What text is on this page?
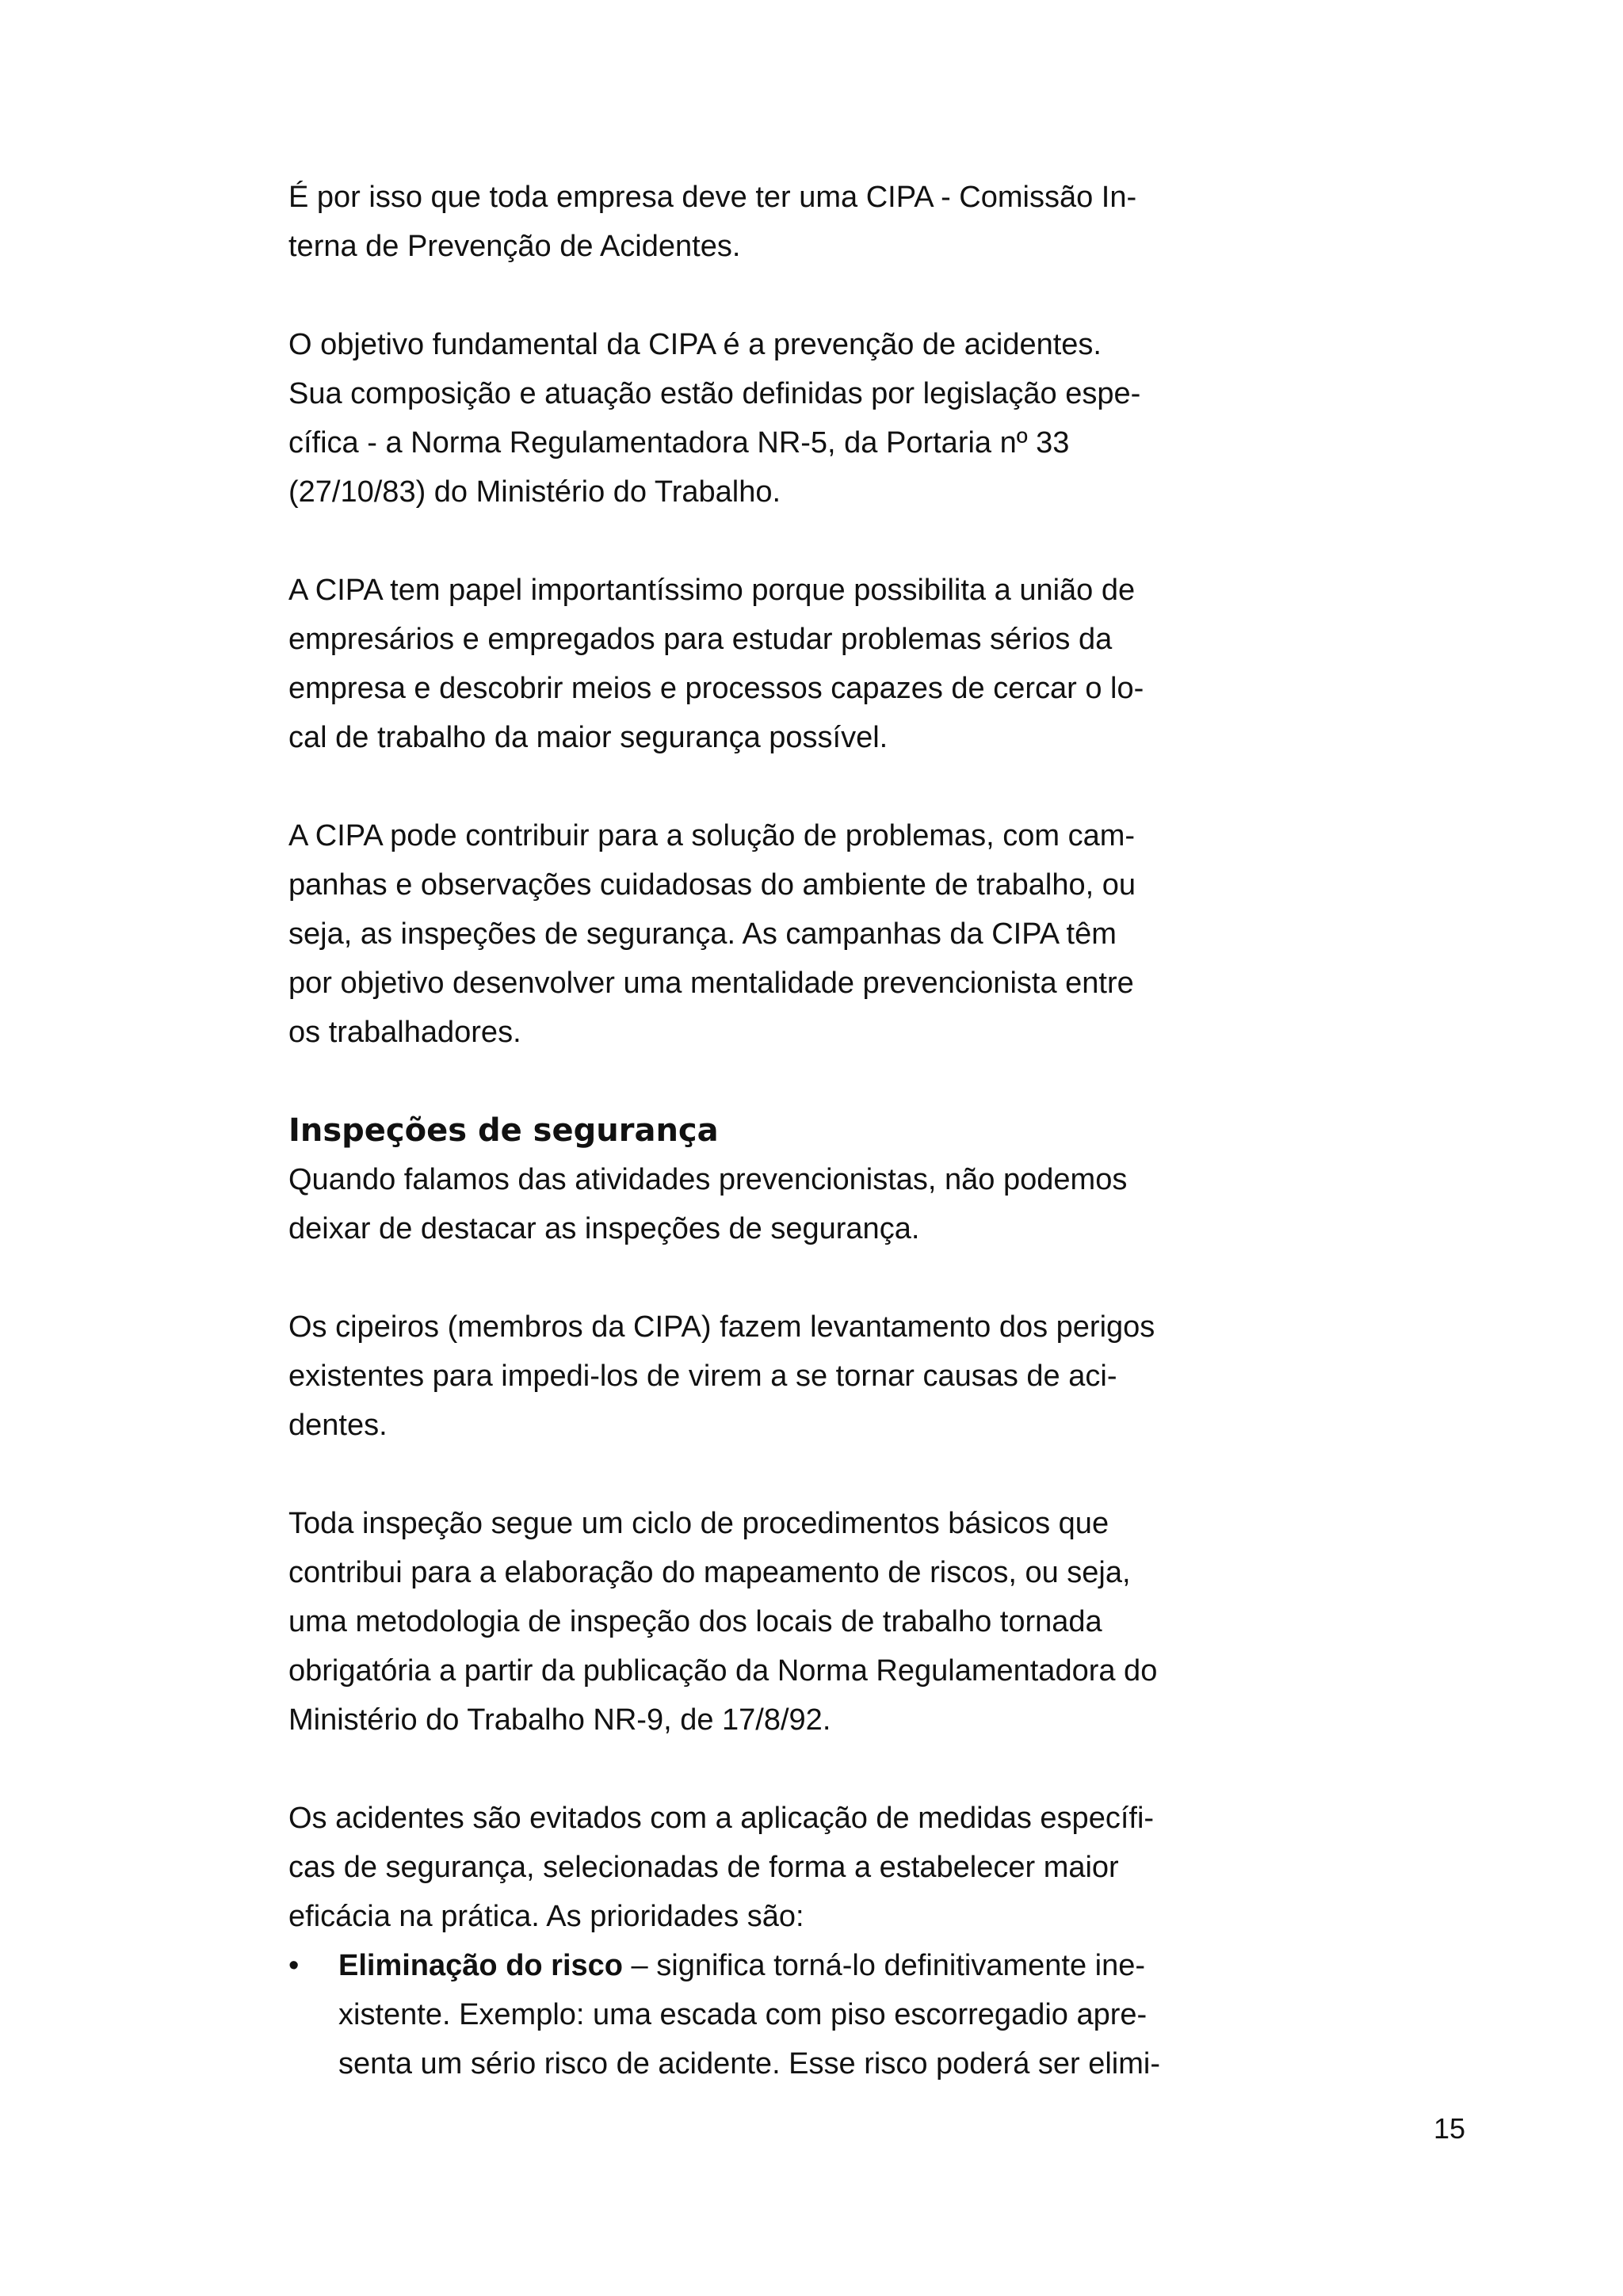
É por isso que toda empresa deve ter uma CIPA - Comissão In-
terna de Prevenção de Acidentes.

O objetivo fundamental da CIPA é a prevenção de acidentes.
Sua composição e atuação estão definidas por legislação espe-
cífica - a Norma Regulamentadora NR-5, da Portaria nº 33
(27/10/83) do Ministério do Trabalho.

A CIPA tem papel importantíssimo porque possibilita a união de
empresários e empregados para estudar problemas sérios da
empresa e descobrir meios e processos capazes de cercar o lo-
cal de trabalho da maior segurança possível.

A CIPA pode contribuir para a solução de problemas, com cam-
panhas e observações cuidadosas do ambiente de trabalho, ou
seja, as inspeções de segurança. As campanhas da CIPA têm
por objetivo desenvolver uma mentalidade prevencionista entre
os trabalhadores.

Inspeções de segurança

Quando falamos das atividades prevencionistas, não podemos
deixar de destacar as inspeções de segurança.

Os cipeiros (membros da CIPA) fazem levantamento dos perigos
existentes para impedi-los de virem a se tornar causas de aci-
dentes.

Toda inspeção segue um ciclo de procedimentos básicos que
contribui para a elaboração do mapeamento de riscos, ou seja,
uma metodologia de inspeção dos locais de trabalho tornada
obrigatória a partir da publicação da Norma Regulamentadora do
Ministério do Trabalho NR-9, de 17/8/92.

Os acidentes são evitados com a aplicação de medidas específi-
cas de segurança, selecionadas de forma a estabelecer maior
eficácia na prática. As prioridades são:

•	Eliminação do risco – significa torná-lo definitivamente ine-
xistente. Exemplo: uma escada com piso escorregadio apre-
senta um sério risco de acidente. Esse risco poderá ser elimi-
15
